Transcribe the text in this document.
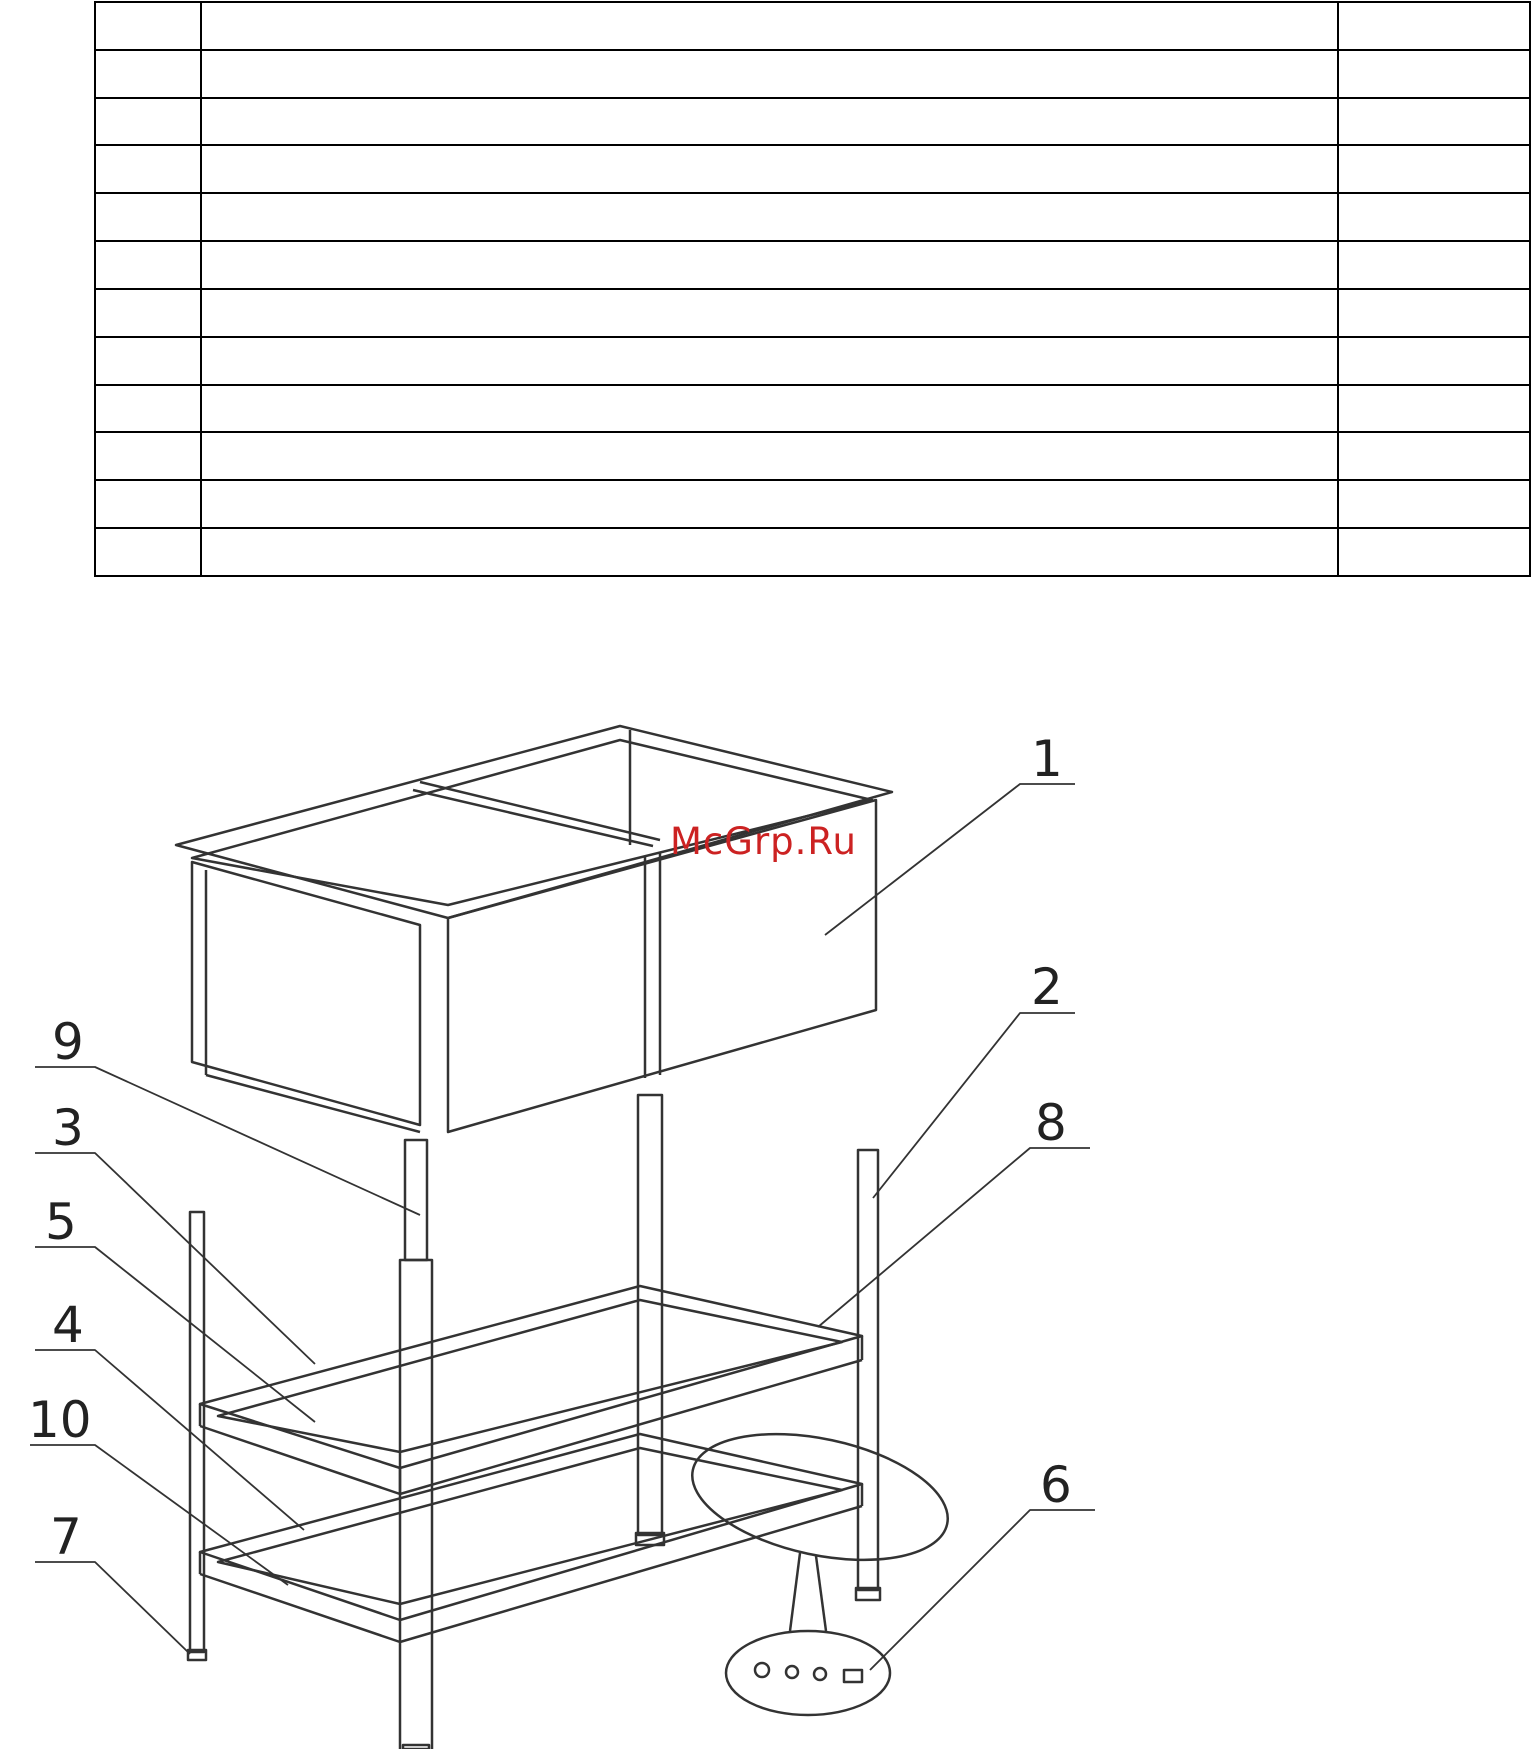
1
2
8
6
9
3
5
4
10
7
McGrp.Ru
